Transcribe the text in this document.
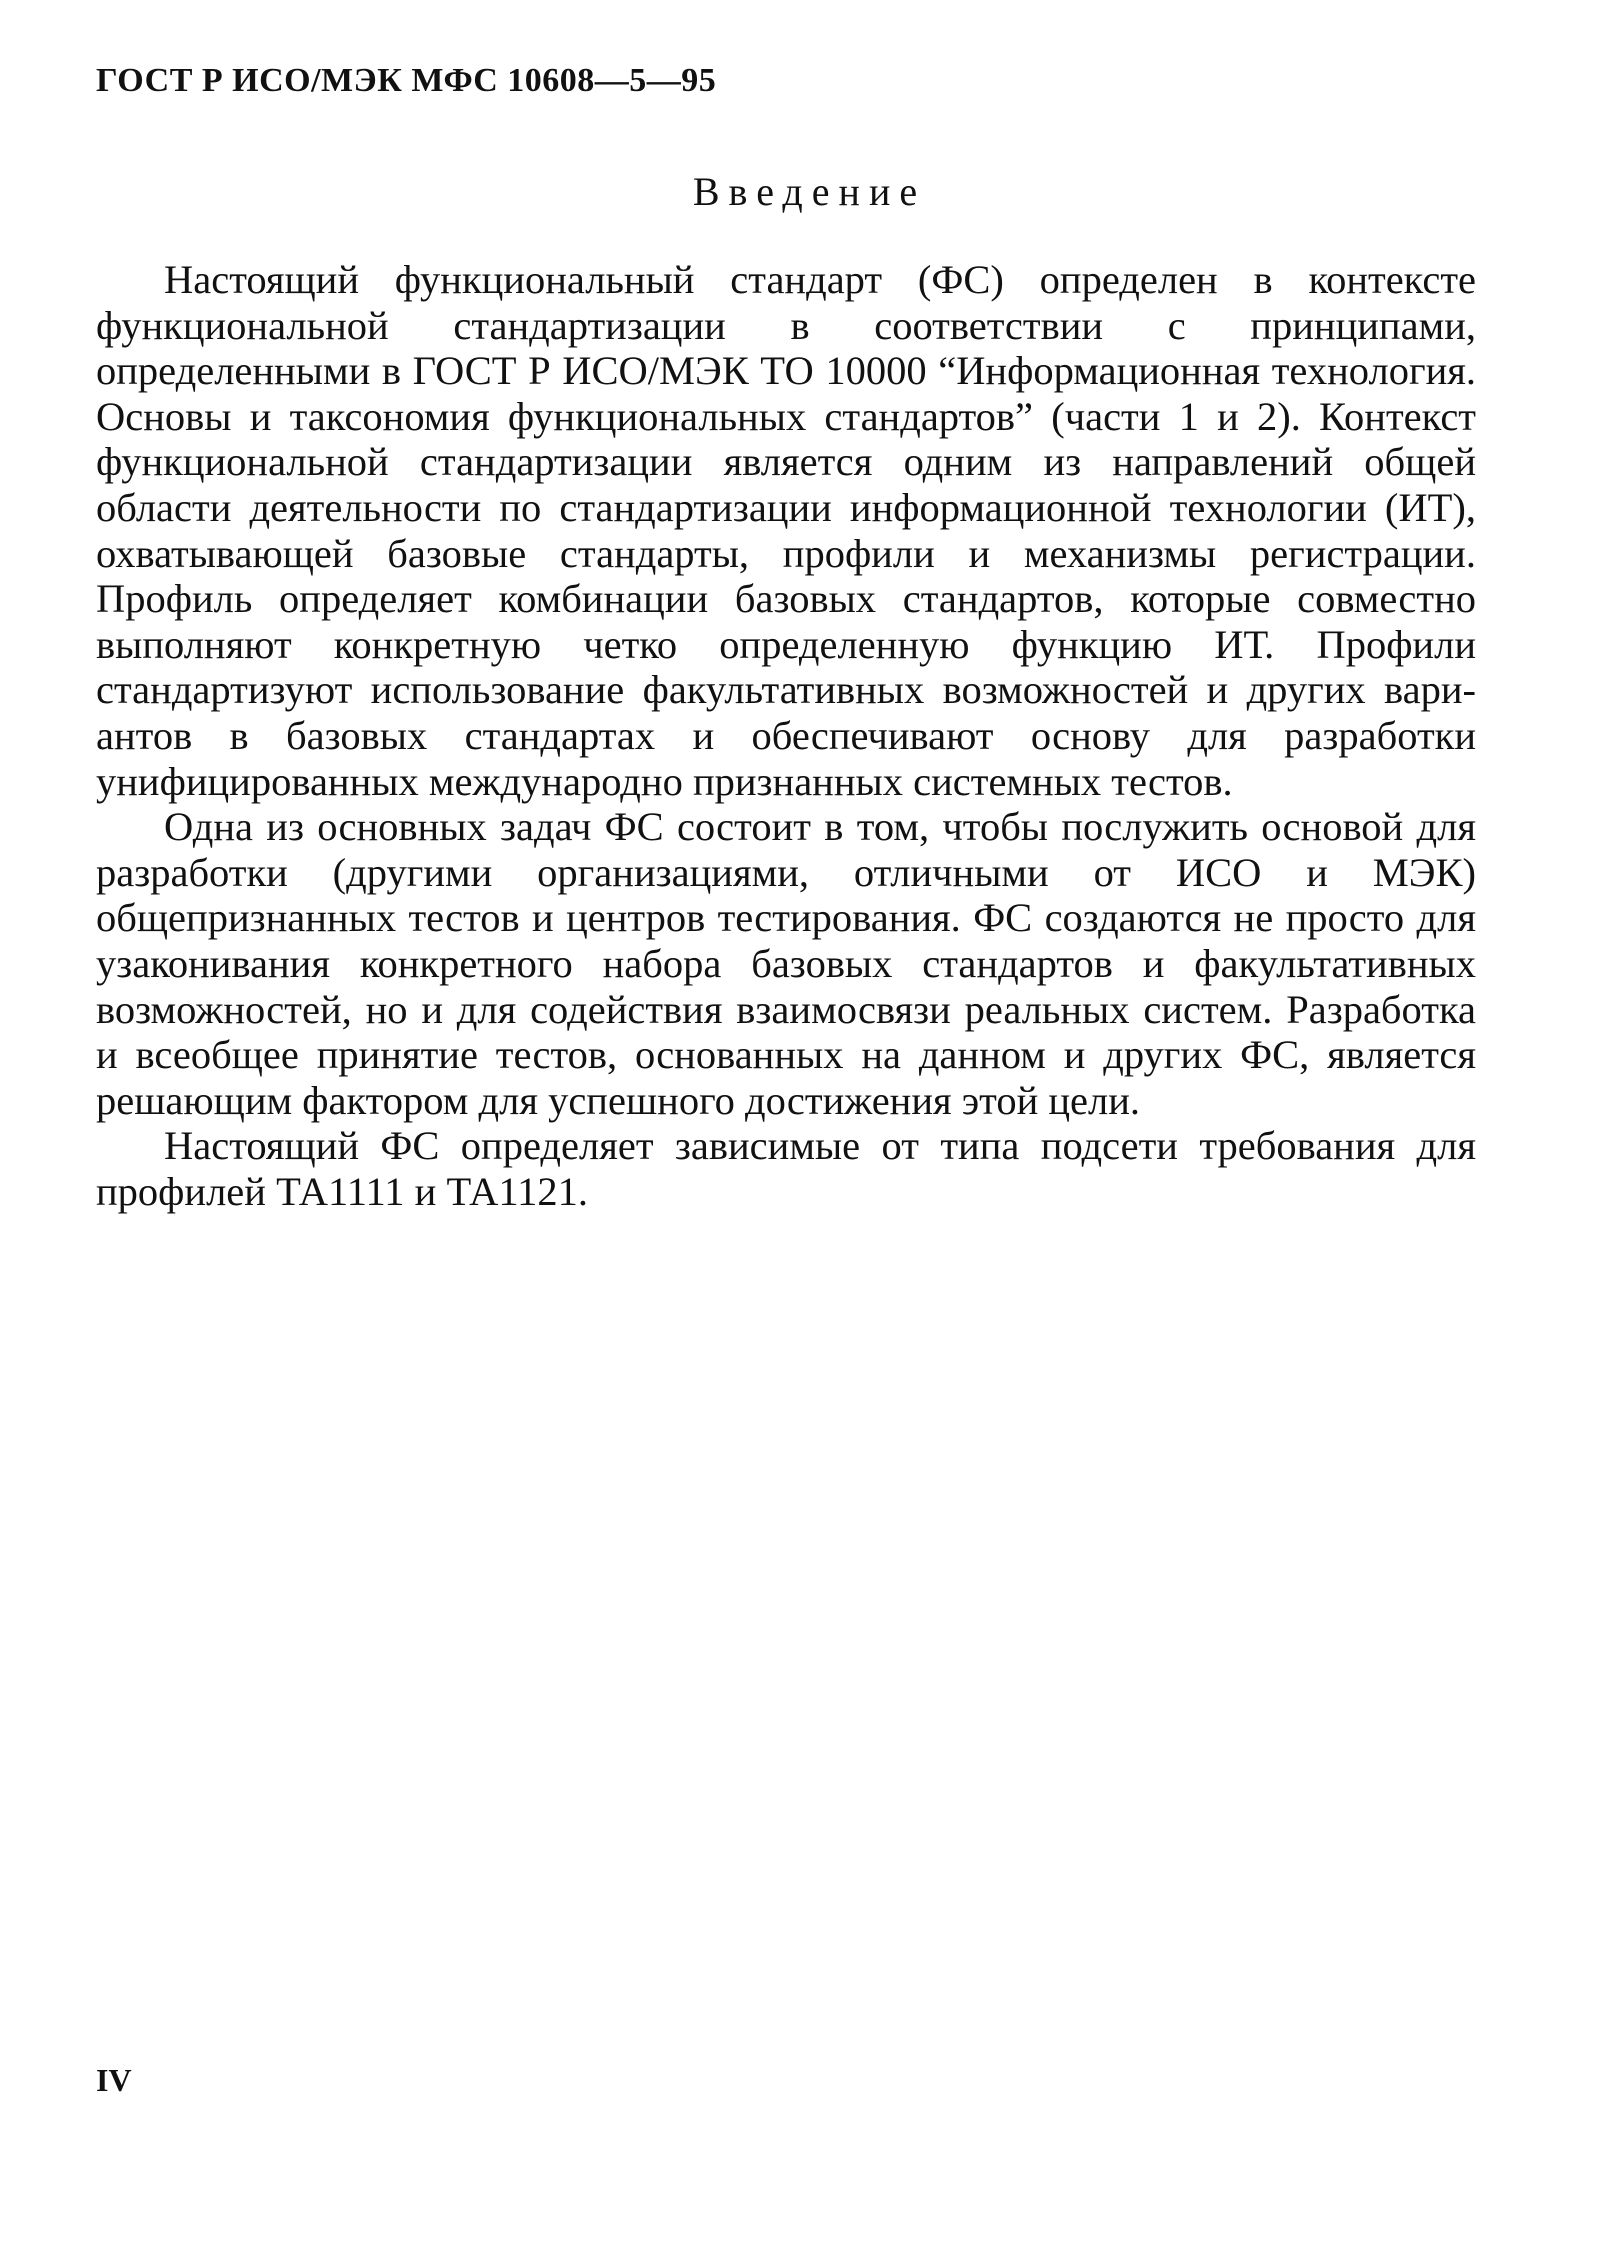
ГОСТ Р ИСО/МЭК МФС 10608—5—95
Введение

Настоящий функциональный стандарт (ФС) определен в контексте функциональной стандартизации в соответствии с принципами, определенными в ГОСТ Р ИСО/МЭК ТО 10000 “Информационная технология. Основы и таксономия функциональных стандартов” (части 1 и 2). Контекст функциональной стандартизации является одним из направлений общей области деятельности по стандартизации информационной технологии (ИТ), охватывающей базовые стандарты, профили и механизмы регистрации. Профиль определяет комбинации базовых стандартов, которые совместно выполняют конкретную четко определенную функцию ИТ. Профили стандартизуют использование факультативных возможностей и других вариантов в базовых стандартах и обеспечивают основу для разработки унифицированных международно признанных системных тестов.

Одна из основных задач ФС состоит в том, чтобы послужить основой для разработки (другими организациями, отличными от ИСО и МЭК) общепризнанных тестов и центров тестирования. ФС создаются не просто для узаконивания конкретного набора базовых стандартов и факультативных возможностей, но и для содействия взаимосвязи реальных систем. Разработка и всеобщее принятие тестов, основанных на данном и других ФС, является решающим фактором для успешного достижения этой цели.

Настоящий ФС определяет зависимые от типа подсети требования для профилей ТА1111 и ТА1121.

IV
